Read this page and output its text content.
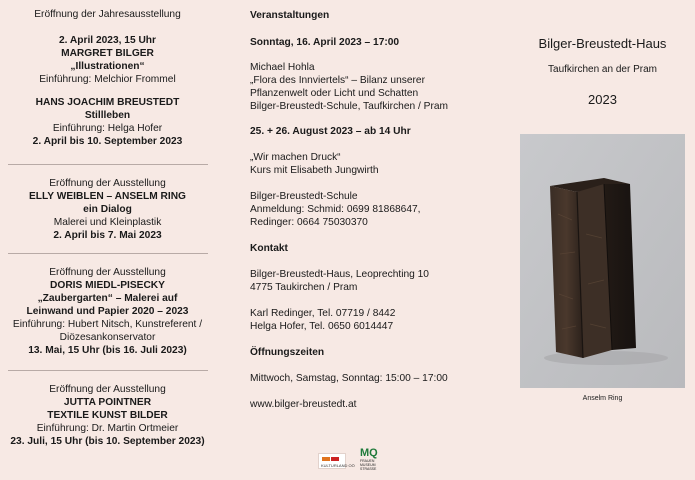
Eröffnung der Jahresausstellung
2. April 2023, 15 Uhr
MARGRET BILGER
„Illustrationen“
Einführung: Melchior Frommel
HANS JOACHIM BREUSTEDT
Stillleben
Einführung: Helga Hofer
2. April bis 10. September 2023
Eröffnung der Ausstellung
ELLY WEIBLEN – ANSELM RING
ein Dialog
Malerei und Kleinplastik
2. April bis 7. Mai 2023
Eröffnung der Ausstellung
DORIS MIEDL-PISECKY
„Zaubergarten“ – Malerei auf
Leinwand und Papier 2020 – 2023
Einführung: Hubert Nitsch, Kunstreferent /
Diözesankonservator
13. Mai, 15 Uhr (bis 16. Juli 2023)
Eröffnung der Ausstellung
JUTTA POINTNER
TEXTILE KUNST BILDER
Einführung: Dr. Martin Ortmeier
23. Juli, 15 Uhr (bis 10. September 2023)
Veranstaltungen
Sonntag, 16. April 2023 – 17:00
Michael Hohla
„Flora des Innviertels“ – Bilanz unserer
Pflanzenwelt oder Licht und Schatten
Bilger-Breustedt-Schule, Taufkirchen / Pram
25. + 26. August 2023 – ab 14 Uhr
„Wir machen Druck“
Kurs mit Elisabeth Jungwirth
Bilger-Breustedt-Schule
Anmeldung: Schmid: 0699 81868647,
Redinger: 0664 75030370
Kontakt
Bilger-Breustedt-Haus, Leoprechting 10
4775 Taukirchen / Pram
Karl Redinger, Tel. 07719 / 8442
Helga Hofer, Tel. 0650 6014447
Öffnungszeiten
Mittwoch, Samstag, Sonntag: 15:00 – 17:00
www.bilger-breustedt.at
Bilger-Breustedt-Haus
Taufkirchen an der Pram
2023
Anselm Ring
KULTURLAND OÖ
MQ
FRAUEN MUSEUM STRASSE
